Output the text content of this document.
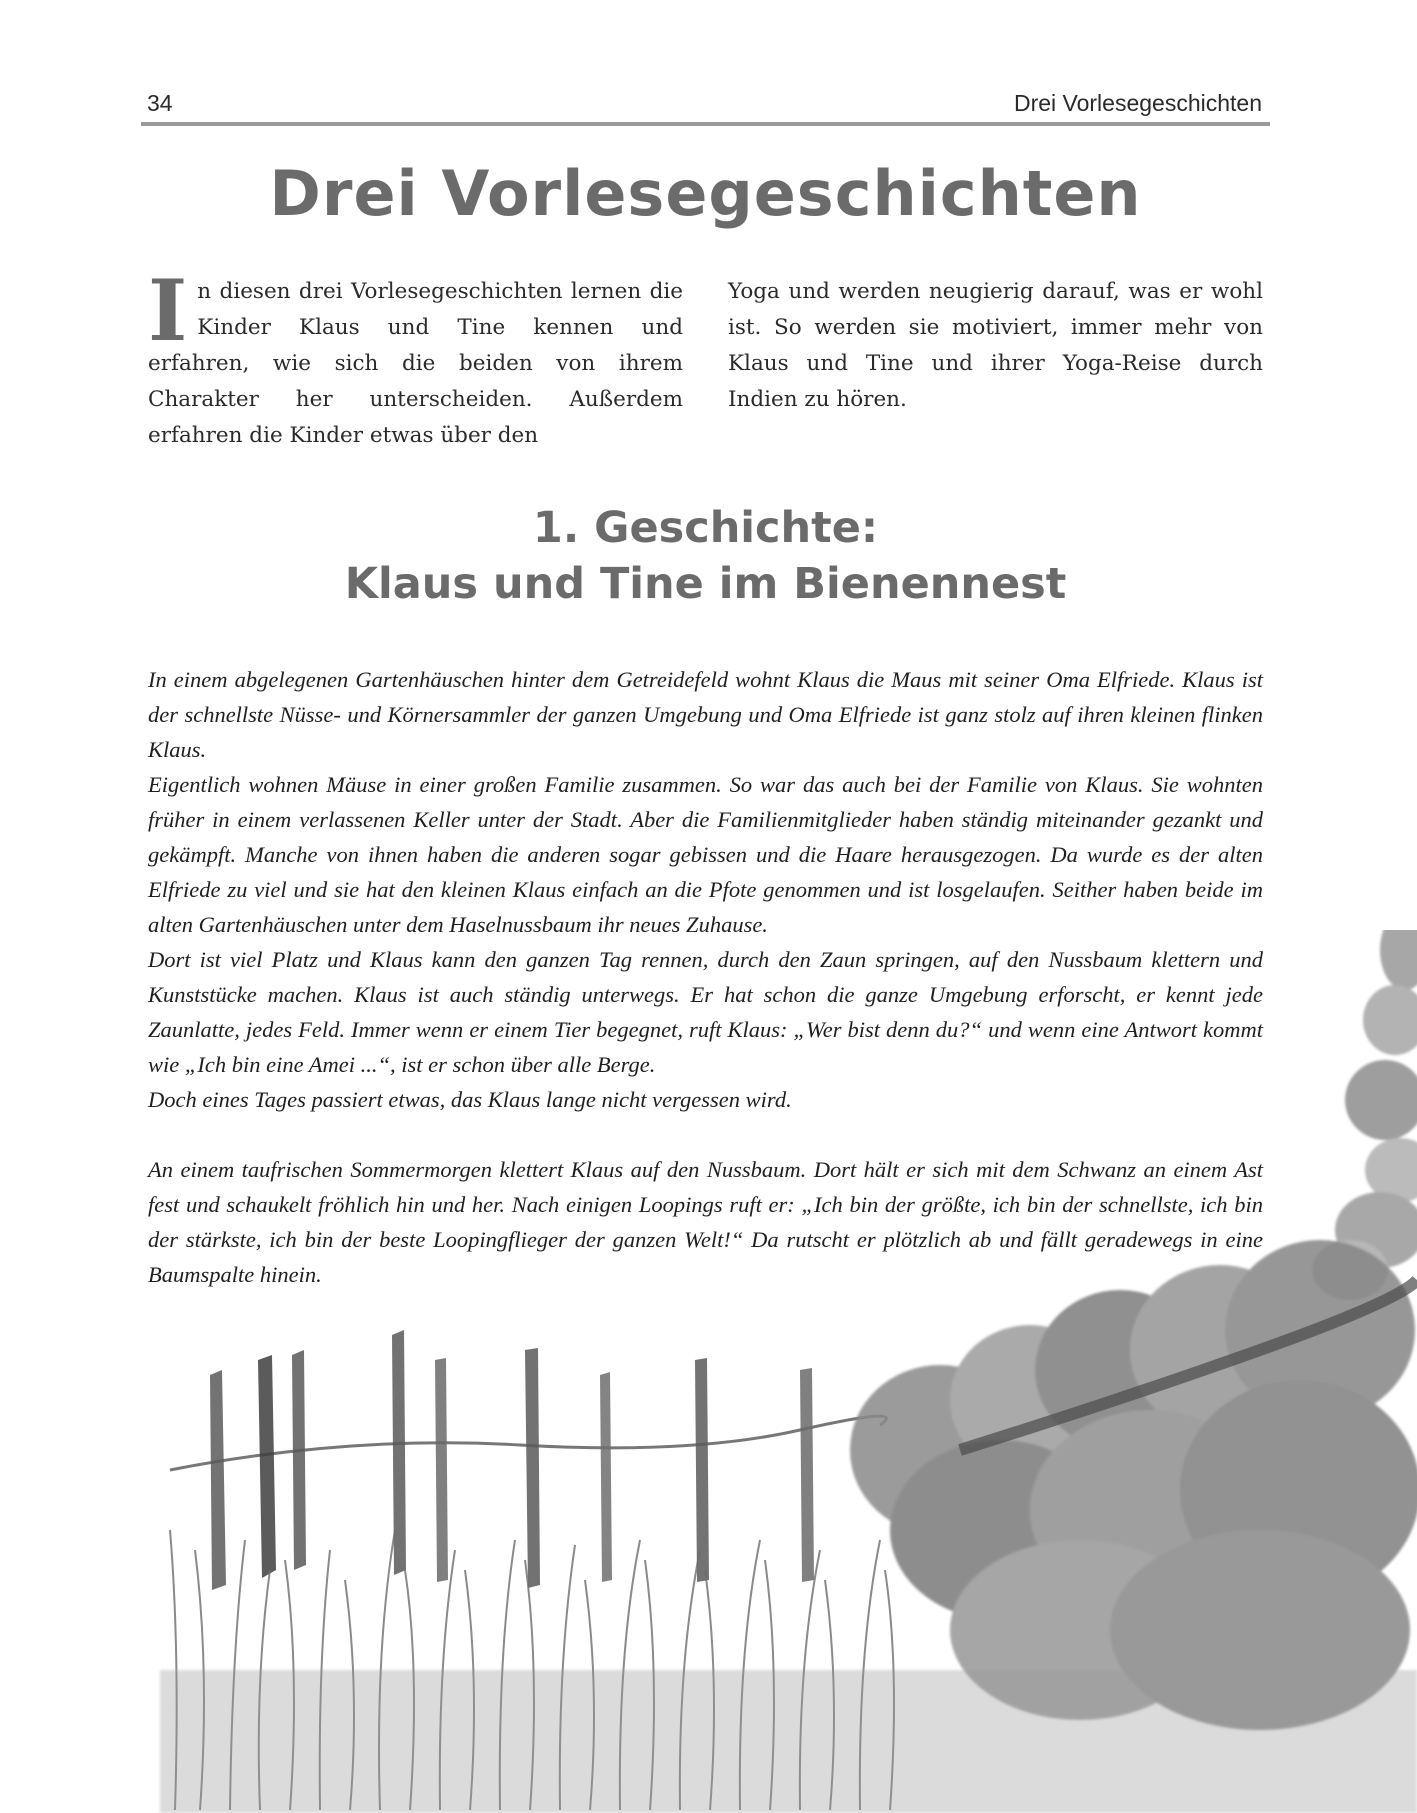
34	Drei Vorlesegeschichten
Drei Vorlesegeschichten

In diesen drei Vorlesegeschichten lernen die Kinder Klaus und Tine kennen und erfahren, wie sich die beiden von ihrem Charakter her unterscheiden. Außerdem erfahren die Kinder etwas über den

Yoga und werden neugierig darauf, was er wohl ist. So werden sie motiviert, immer mehr von Klaus und Tine und ihrer Yoga-Reise durch Indien zu hören.

1. Geschichte:
Klaus und Tine im Bienennest

In einem abgelegenen Gartenhäuschen hinter dem Getreidefeld wohnt Klaus die Maus mit seiner Oma Elfriede. Klaus ist der schnellste Nüsse- und Körnersammler der ganzen Umgebung und Oma Elfriede ist ganz stolz auf ihren kleinen flinken Klaus.

Eigentlich wohnen Mäuse in einer großen Familie zusammen. So war das auch bei der Familie von Klaus. Sie wohnten früher in einem verlassenen Keller unter der Stadt. Aber die Familienmitglieder haben ständig miteinander gezankt und gekämpft. Manche von ihnen haben die anderen sogar gebissen und die Haare herausgezogen. Da wurde es der alten Elfriede zu viel und sie hat den kleinen Klaus einfach an die Pfote genommen und ist losgelaufen. Seither haben beide im alten Gartenhäuschen unter dem Haselnussbaum ihr neues Zuhause.

Dort ist viel Platz und Klaus kann den ganzen Tag rennen, durch den Zaun springen, auf den Nussbaum klettern und Kunststücke machen. Klaus ist auch ständig unterwegs. Er hat schon die ganze Umgebung erforscht, er kennt jede Zaunlatte, jedes Feld. Immer wenn er einem Tier begegnet, ruft Klaus: „Wer bist denn du?“ und wenn eine Antwort kommt wie „Ich bin eine Amei ...“, ist er schon über alle Berge.

Doch eines Tages passiert etwas, das Klaus lange nicht vergessen wird.

An einem taufrischen Sommermorgen klettert Klaus auf den Nussbaum. Dort hält er sich mit dem Schwanz an einem Ast fest und schaukelt fröhlich hin und her. Nach einigen Loopings ruft er: „Ich bin der größte, ich bin der schnellste, ich bin der stärkste, ich bin der beste Loopingflieger der ganzen Welt!“ Da rutscht er plötzlich ab und fällt geradewegs in eine Baumspalte hinein.
